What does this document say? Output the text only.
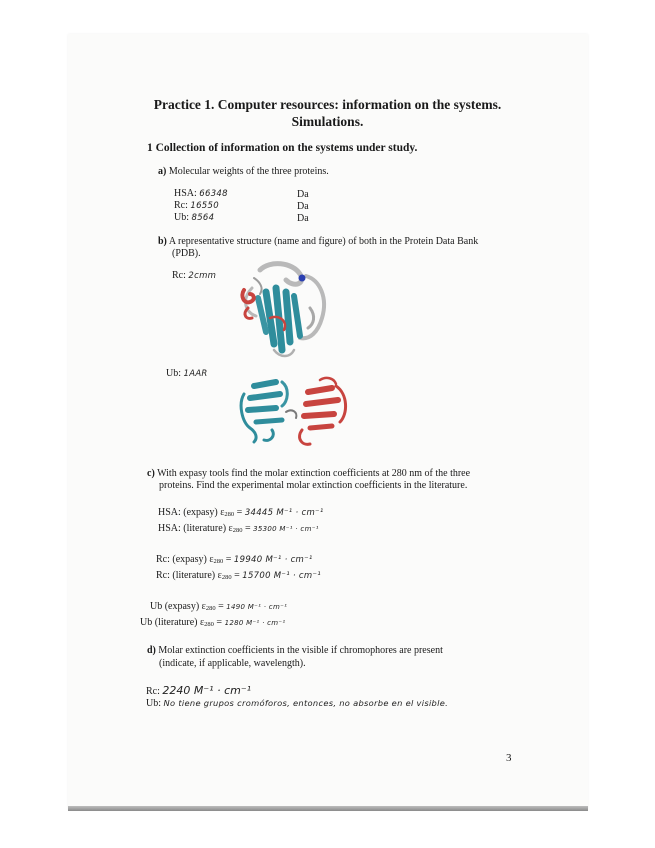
Practice 1. Computer resources: information on the systems.
Simulations.
1 Collection of information on the systems under study.
a) Molecular weights of the three proteins.
HSA: 66348	Da
Rc: 16550	Da
Ub: 8564	Da
b) A representative structure (name and figure) of both in the Protein Data Bank
(PDB).
Rc: 2cmm
Ub: 1AAR
c) With expasy tools find the molar extinction coefficients at 280 nm of the three
proteins. Find the experimental molar extinction coefficients in the literature.
HSA: (expasy) ε280 = 34445 M⁻¹ · cm⁻¹
HSA: (literature) ε280 = 35300 M⁻¹ · cm⁻¹
Rc: (expasy) ε280 = 19940 M⁻¹ · cm⁻¹
Rc: (literature) ε280 = 15700 M⁻¹ · cm⁻¹
Ub (expasy) ε280 = 1490 M⁻¹ · cm⁻¹
Ub (literature) ε280 = 1280 M⁻¹ · cm⁻¹
d) Molar extinction coefficients in the visible if chromophores are present
(indicate, if applicable, wavelength).
Rc: 2240 M⁻¹ · cm⁻¹
Ub: No tiene grupos cromóforos, entonces, no absorbe en el visible.
3
